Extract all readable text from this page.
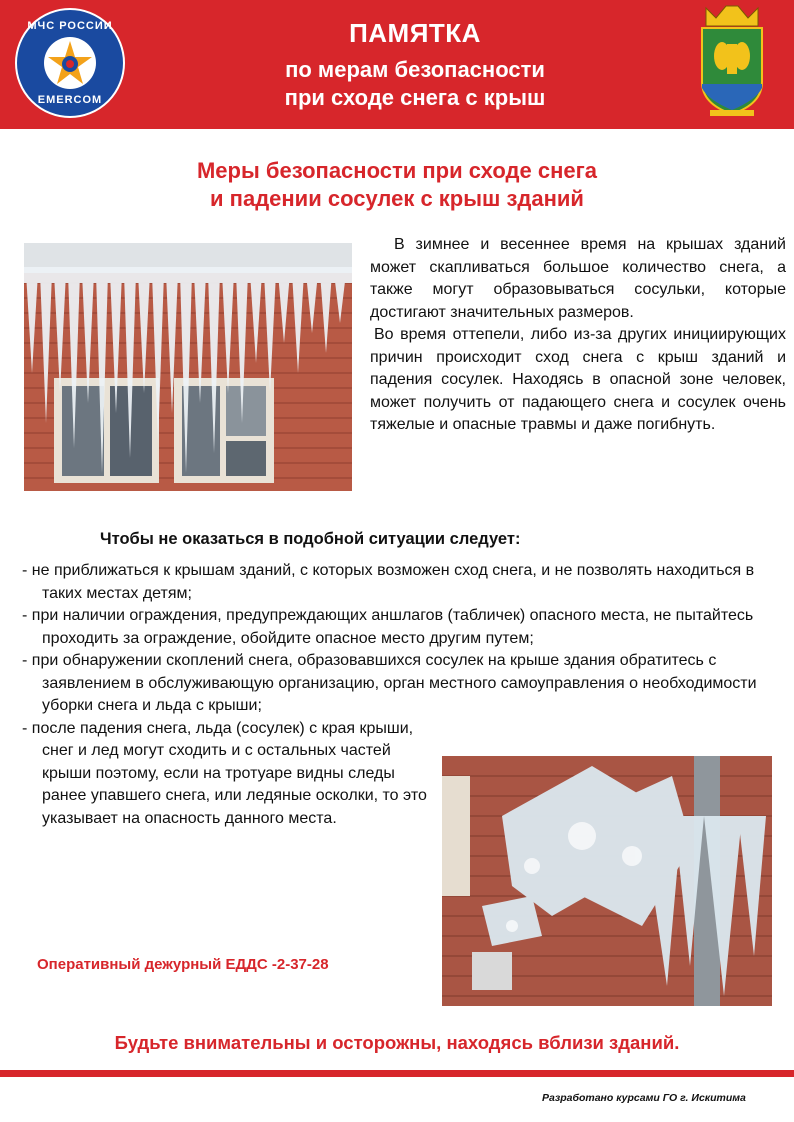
МЧС РОССИИ
EMERCOM
ПАМЯТКА
по мерам безопасности
при сходе снега с крыш
Меры безопасности при сходе снега
и падении сосулек с крыш зданий

В зимнее и весеннее время на крышах зданий может скапливаться большое количество снега, а также могут образовываться сосульки, которые достигают значительных размеров.

Во время оттепели, либо из-за других инициирующих причин происходит сход снега с крыш зданий и падения сосулек. Находясь в опасной зоне человек, может получить от падающего снега и сосулек очень тяжелые и опасные травмы и даже погибнуть.

Чтобы не оказаться в подобной ситуации следует:

- не приближаться к крышам зданий, с которых возможен сход снега, и не позволять находиться в таких местах детям;

- при наличии ограждения, предупреждающих аншлагов (табличек) опасного места, не пытайтесь проходить за ограждение, обойдите опасное место другим путем;

- при обнаружении скоплений снега, образовавшихся сосулек на крыше здания обратитесь с заявлением в обслуживающую организацию, орган местного самоуправления о необходимости уборки снега и льда с крыши;

- после падения снега, льда (сосулек) с края крыши, снег и лед могут сходить и с остальных частей крыши поэтому, если на тротуаре видны следы ранее упавшего снега, или ледяные осколки, то это указывает на опасность данного места.

Оперативный дежурный ЕДДС -2-37-28
Будьте внимательны и осторожны, находясь вблизи зданий.
Разработано курсами ГО г. Искитима
